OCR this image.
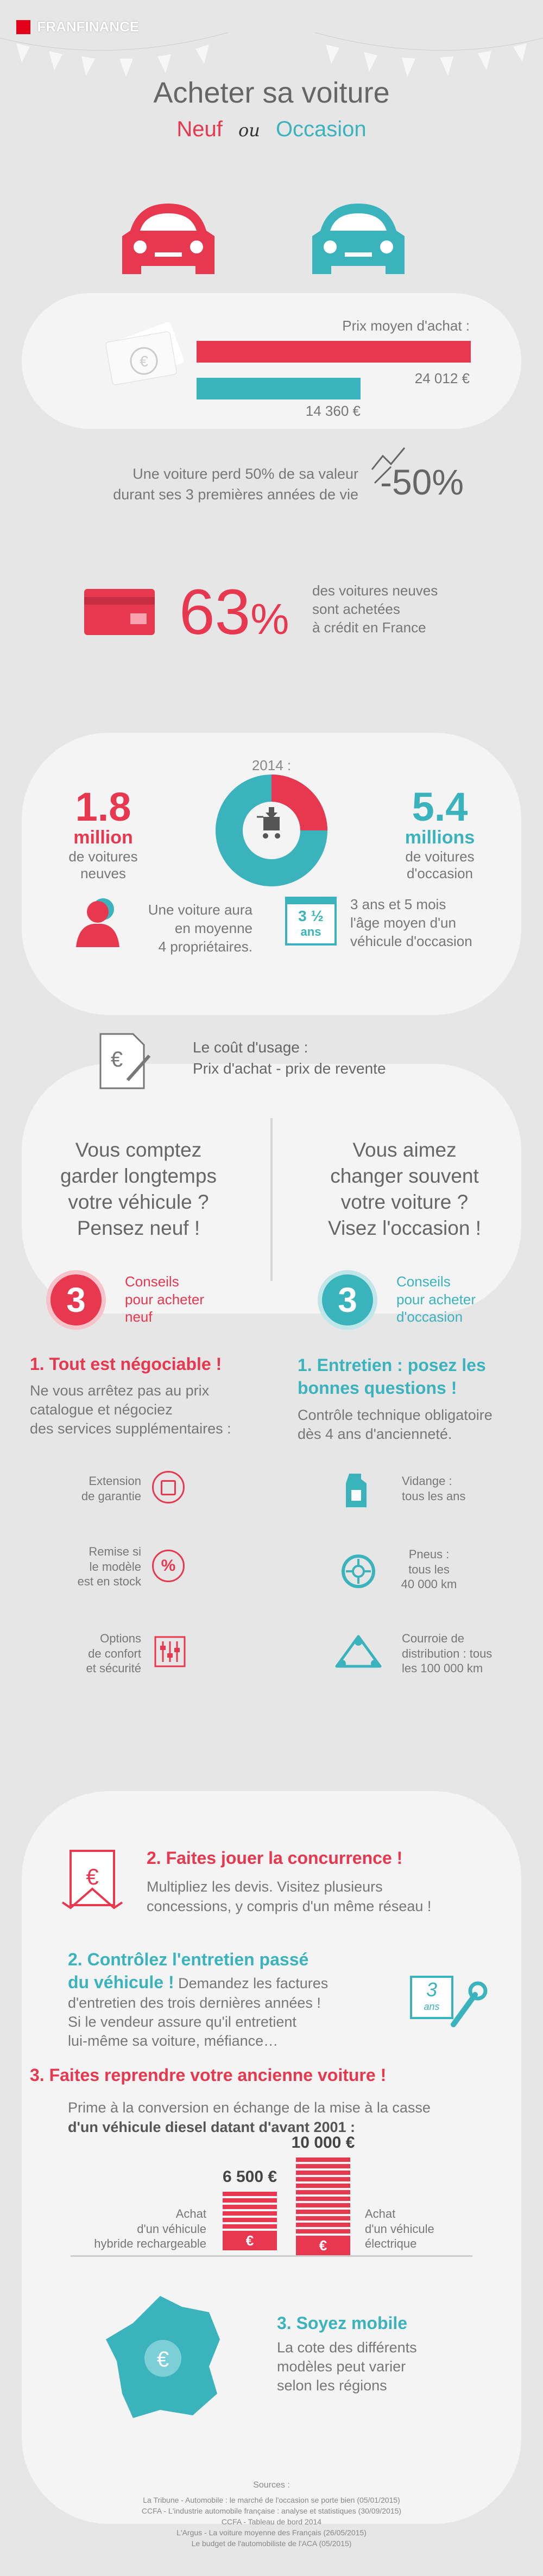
FRANFINANCE
Acheter sa voiture
Neuf ou Occasion
Prix moyen d'achat :
€
24 012 €
14 360 €
Une voiture perd 50% de sa valeur
durant ses 3 premières années de vie -50%
63%
des voitures neuves
sont achetées
à crédit en France
2014 :
1.8
million
de voitures
neuves
5.4
millions
de voitures
d'occasion
Une voiture aura
en moyenne
4 propriétaires.
3 ½
ans
3 ans et 5 mois
l'âge moyen d'un
véhicule d'occasion
€
Le coût d'usage :
Prix d'achat - prix de revente
Vous comptez
garder longtemps
votre véhicule ?
Pensez neuf !
3	Conseils
pour acheter
neuf
1. Tout est négociable !
Ne vous arrêtez pas au prix
catalogue et négociez
des services supplémentaires :
Extension
de garantie
Remise si
le modèle
est en stock
%
Options
de confort
et sécurité
Vous aimez
changer souvent
votre voiture ?
Visez l'occasion !
3	Conseils
pour acheter
d'occasion
1. Entretien : posez les
bonnes questions !
Contrôle technique obligatoire
dès 4 ans d'ancienneté.
Vidange :
tous les ans
Pneus :
tous les
40 000 km
Courroie de
distribution : tous
les 100 000 km
€
2. Faites jouer la concurrence !
Multipliez les devis. Visitez plusieurs
concessions, y compris d'un même réseau !
2. Contrôlez l'entretien passé
du véhicule ! Demandez les factures
d'entretien des trois dernières années !
Si le vendeur assure qu'il entretient
lui-même sa voiture, méfiance…
3
ans
3. Faites reprendre votre ancienne voiture !
Prime à la conversion en échange de la mise à la casse
d'un véhicule diesel datant d'avant 2001 :
€	€
6 500 €
10 000 €
Achat
d'un véhicule
hybride rechargeable
Achat
d'un véhicule
électrique
€
3. Soyez mobile
La cote des différents
modèles peut varier
selon les régions
Sources :
La Tribune - Automobile : le marché de l'occasion se porte bien (05/01/2015)
CCFA - L'industrie automobile française : analyse et statistiques (30/09/2015)
CCFA - Tableau de bord 2014
L'Argus - La voiture moyenne des Français (26/05/2015)
Le budget de l'automobiliste de l'ACA (05/2015)
